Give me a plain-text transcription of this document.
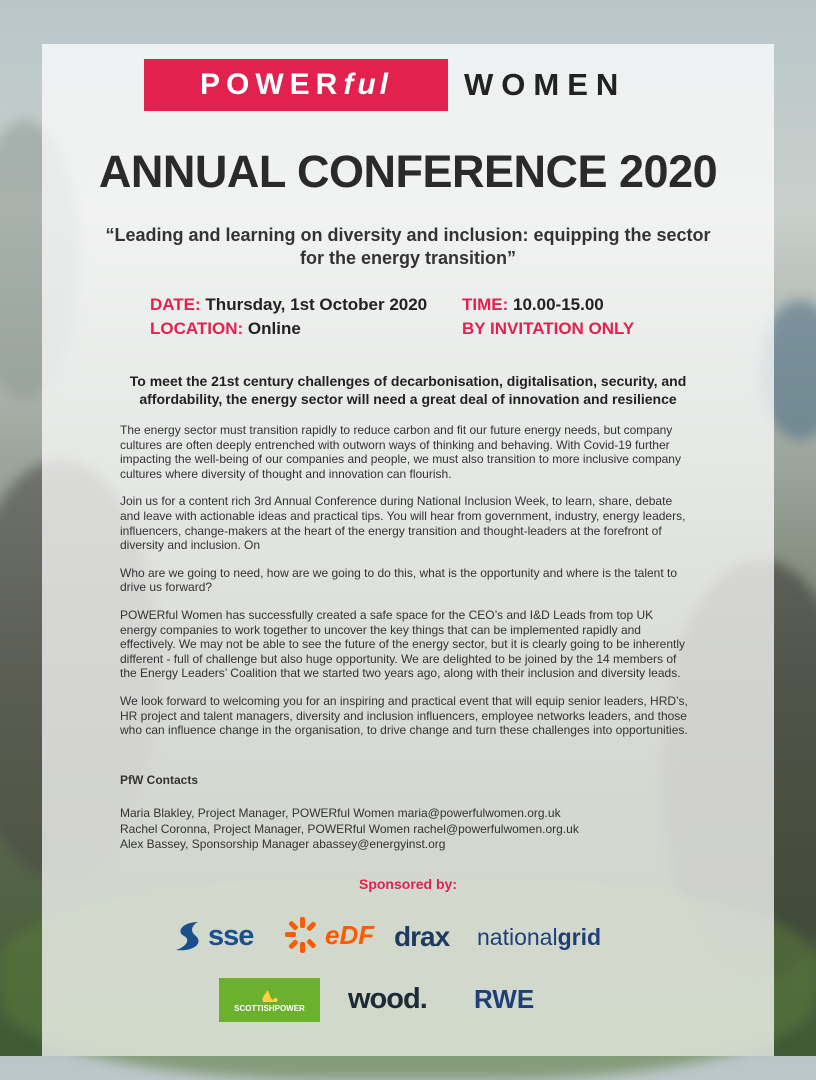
POWER ful WOMEN
ANNUAL CONFERENCE 2020
“Leading and learning on diversity and inclusion: equipping the sector for the energy transition”
DATE: Thursday, 1st October 2020
LOCATION: Online
TIME: 10.00-15.00
BY INVITATION ONLY
To meet the 21st century challenges of decarbonisation, digitalisation, security, and affordability, the energy sector will need a great deal of innovation and resilience

The energy sector must transition rapidly to reduce carbon and fit our future energy needs, but company cultures are often deeply entrenched with outworn ways of thinking and behaving. With Covid-19 further impacting the well-being of our companies and people, we must also transition to more inclusive company cultures where diversity of thought and innovation can flourish.

Join us for a content rich 3rd Annual Conference during National Inclusion Week, to learn, share, debate and leave with actionable ideas and practical tips. You will hear from government, industry, energy leaders, influencers, change-makers at the heart of the energy transition and thought-leaders at the forefront of diversity and inclusion. On

Who are we going to need, how are we going to do this, what is the opportunity and where is the talent to drive us forward?

POWERful Women has successfully created a safe space for the CEO’s and I&D Leads from top UK energy companies to work together to uncover the key things that can be implemented rapidly and effectively. We may not be able to see the future of the energy sector, but it is clearly going to be inherently different - full of challenge but also huge opportunity. We are delighted to be joined by the 14 members of the Energy Leaders’ Coalition that we started two years ago, along with their inclusion and diversity leads.

We look forward to welcoming you for an inspiring and practical event that will equip senior leaders, HRD’s, HR project and talent managers, diversity and inclusion influencers, employee networks leaders, and those who can influence change in the organisation, to drive change and turn these challenges into opportunities.

PfW Contacts
Maria Blakley, Project Manager, POWERful Women maria@powerfulwomen.org.uk
Rachel Coronna, Project Manager, POWERful Women rachel@powerfulwomen.org.uk
Alex Bassey, Sponsorship Manager abassey@energyinst.org
Sponsored by:
sse	eDF drax national grid
SCOTTISHPOWER wood. RWE
